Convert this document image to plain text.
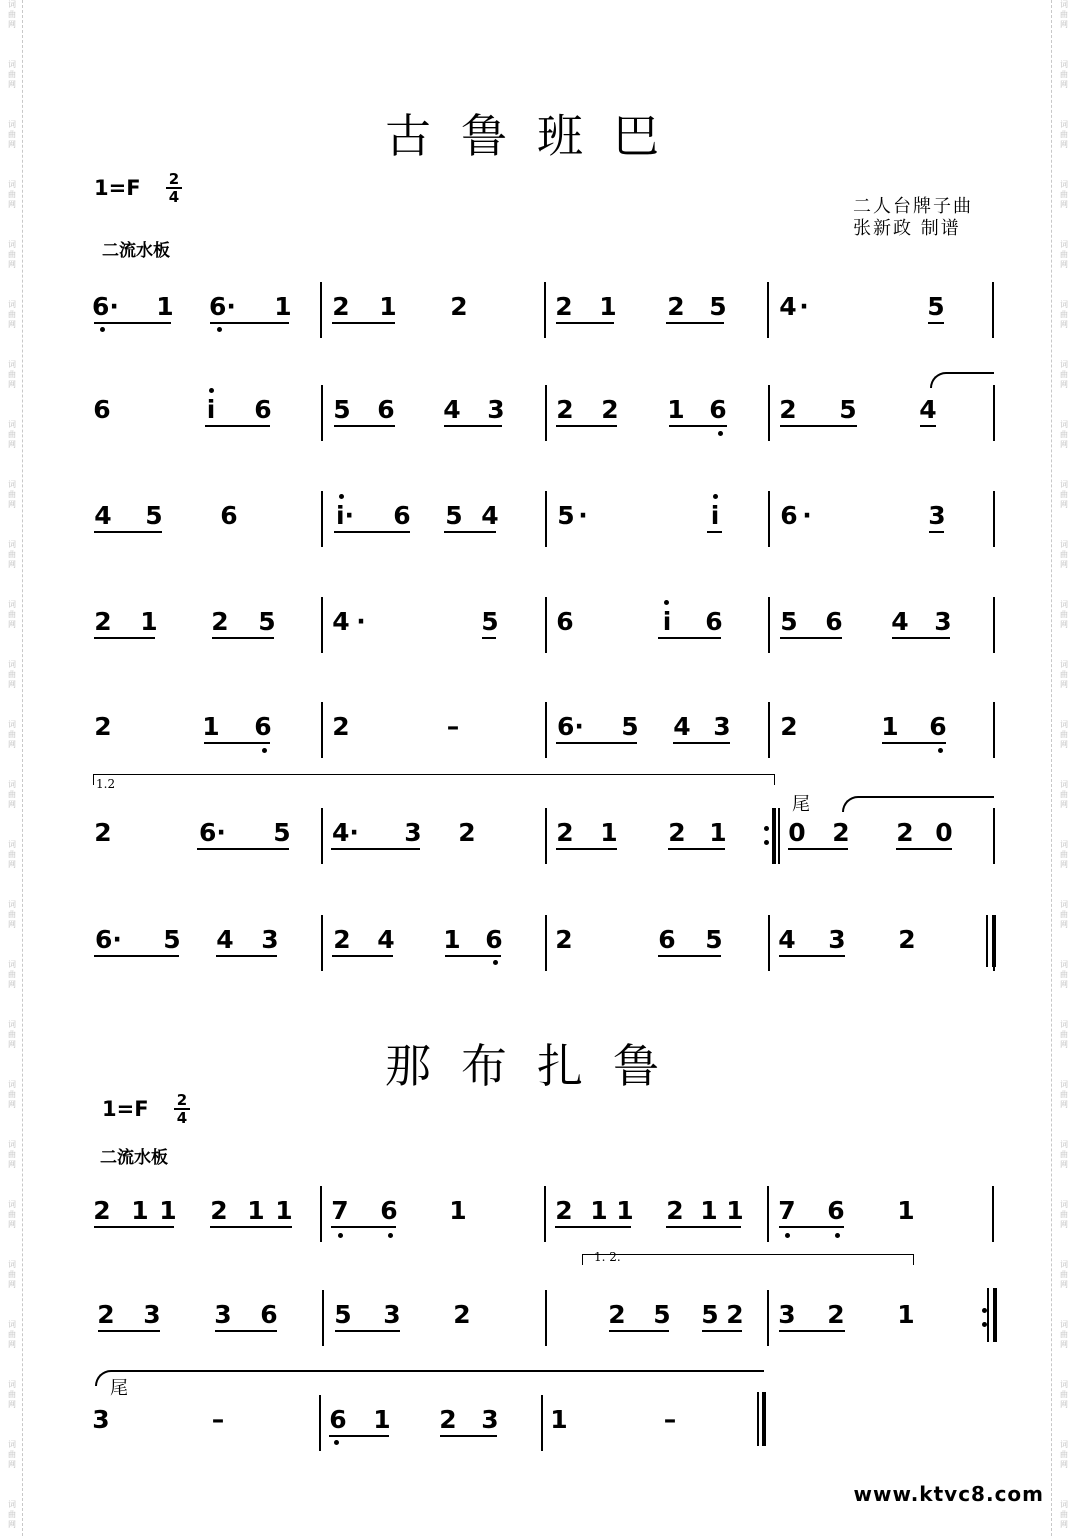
词
曲
网
词
曲
网
词
曲
网
词
曲
网
词
曲
网
词
曲
网
词
曲
网
词
曲
网
词
曲
网
词
曲
网
词
曲
网
词
曲
网
词
曲
网
词
曲
网
词
曲
网
词
曲
网
词
曲
网
词
曲
网
词
曲
网
词
曲
网
词
曲
网
词
曲
网
词
曲
网
词
曲
网
词
曲
网
词
曲
网
词
曲
网
词
曲
网
词
曲
网
词
曲
网
词
曲
网
词
曲
网
词
曲
网
词
曲
网
词
曲
网
词
曲
网
词
曲
网
词
曲
网
词
曲
网
词
曲
网
词
曲
网
词
曲
网
词
曲
网
词
曲
网
词
曲
网
词
曲
网
词
曲
网
词
曲
网
词
曲
网
词
曲
网
词
曲
网
词
曲
网
古鲁班巴
1=F 2
4
二流水板
二人台牌子曲
张新政 制谱
那布扎鲁
1=F 2
4
二流水板
1.2
尾
1. 2.
尾
6· 1 6· 1 2 1 2	2 1 2 5 4 ·	5
6	i 6 5 6 4 3 2 2 1 6 2 5	4
4 5 6	i· 6 5 4 5 ·	i 6 ·	3
2 1 2 5 4 ·	5 6	i 6 5 6 4 3
2	1 6 2	–	6· 5 4 3 2	1 6
2	6· 5 4· 3 2	2 1 2 1 0 2 2 0
6· 5 4 3 2 4 1 6 2	6 5 4 3 2
2 1 1 2 1 1 7 6 1	2 1 1 2 1 1 7 6 1
2 3 3 6 5 3 2	2 5 5 2 3 2 1
3	–	6 1 2 3 1	–
www.ktvc8.com
